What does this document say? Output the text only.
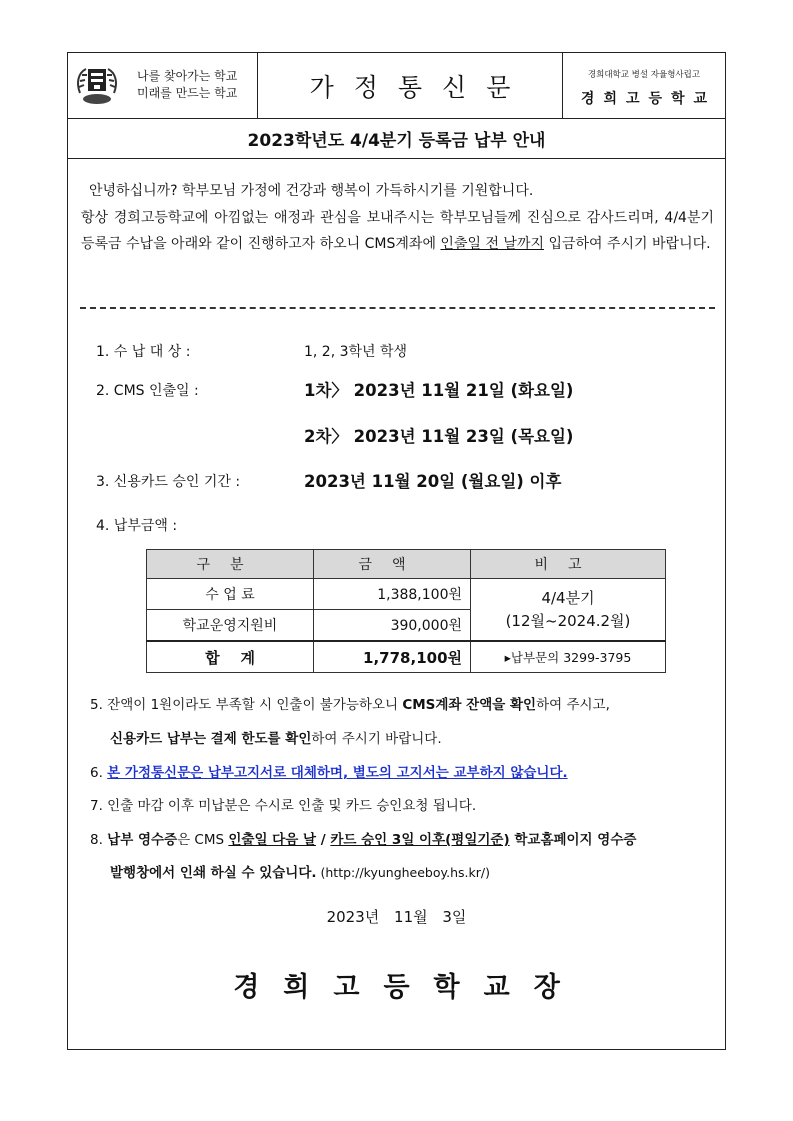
나를 찾아가는 학교
미래를 만드는 학교	가정통신문	경희대학교 병설 자율형사립고
경희고등학교
2023학년도 4/4분기 등록금 납부 안내
안녕하십니까? 학부모님 가정에 건강과 행복이 가득하시기를 기원합니다.
항상 경희고등학교에 아낌없는 애정과 관심을 보내주시는 학부모님들께 진심으로 감사드리며, 4/4분기 등록금 수납을 아래와 같이 진행하고자 하오니 CMS계좌에 인출일 전 날까지 입금하여 주시기 바랍니다.
1. 수 납 대 상 :	1, 2, 3학년 학생
2. CMS 인출일 :	1차〉 2023년 11월 21일 (화요일)
2차〉 2023년 11월 23일 (목요일)
3. 신용카드 승인 기간 :	2023년 11월 20일 (월요일) 이후
4. 납부금액 :
구분	금액	비고
수 업 료	1,388,100원	4/4분기
(12월~2024.2월)

학교운영지원비	390,000원	
합    계	1,778,100원	▸납부문의 3299-3795
5. 잔액이 1원이라도 부족할 시 인출이 불가능하오니 CMS계좌 잔액을 확인하여 주시고,
신용카드 납부는 결제 한도를 확인하여 주시기 바랍니다.
6. 본 가정통신문은 납부고지서로 대체하며, 별도의 고지서는 교부하지 않습니다.
7. 인출 마감 이후 미납분은 수시로 인출 및 카드 승인요청 됩니다.
8. 납부 영수증은 CMS 인출일 다음 날 / 카드 승인 3일 이후(평일기준) 학교홈페이지 영수증
발행창에서 인쇄 하실 수 있습니다. (http://kyungheeboy.hs.kr/)
2023년 11월 3일
경희고등학교장
